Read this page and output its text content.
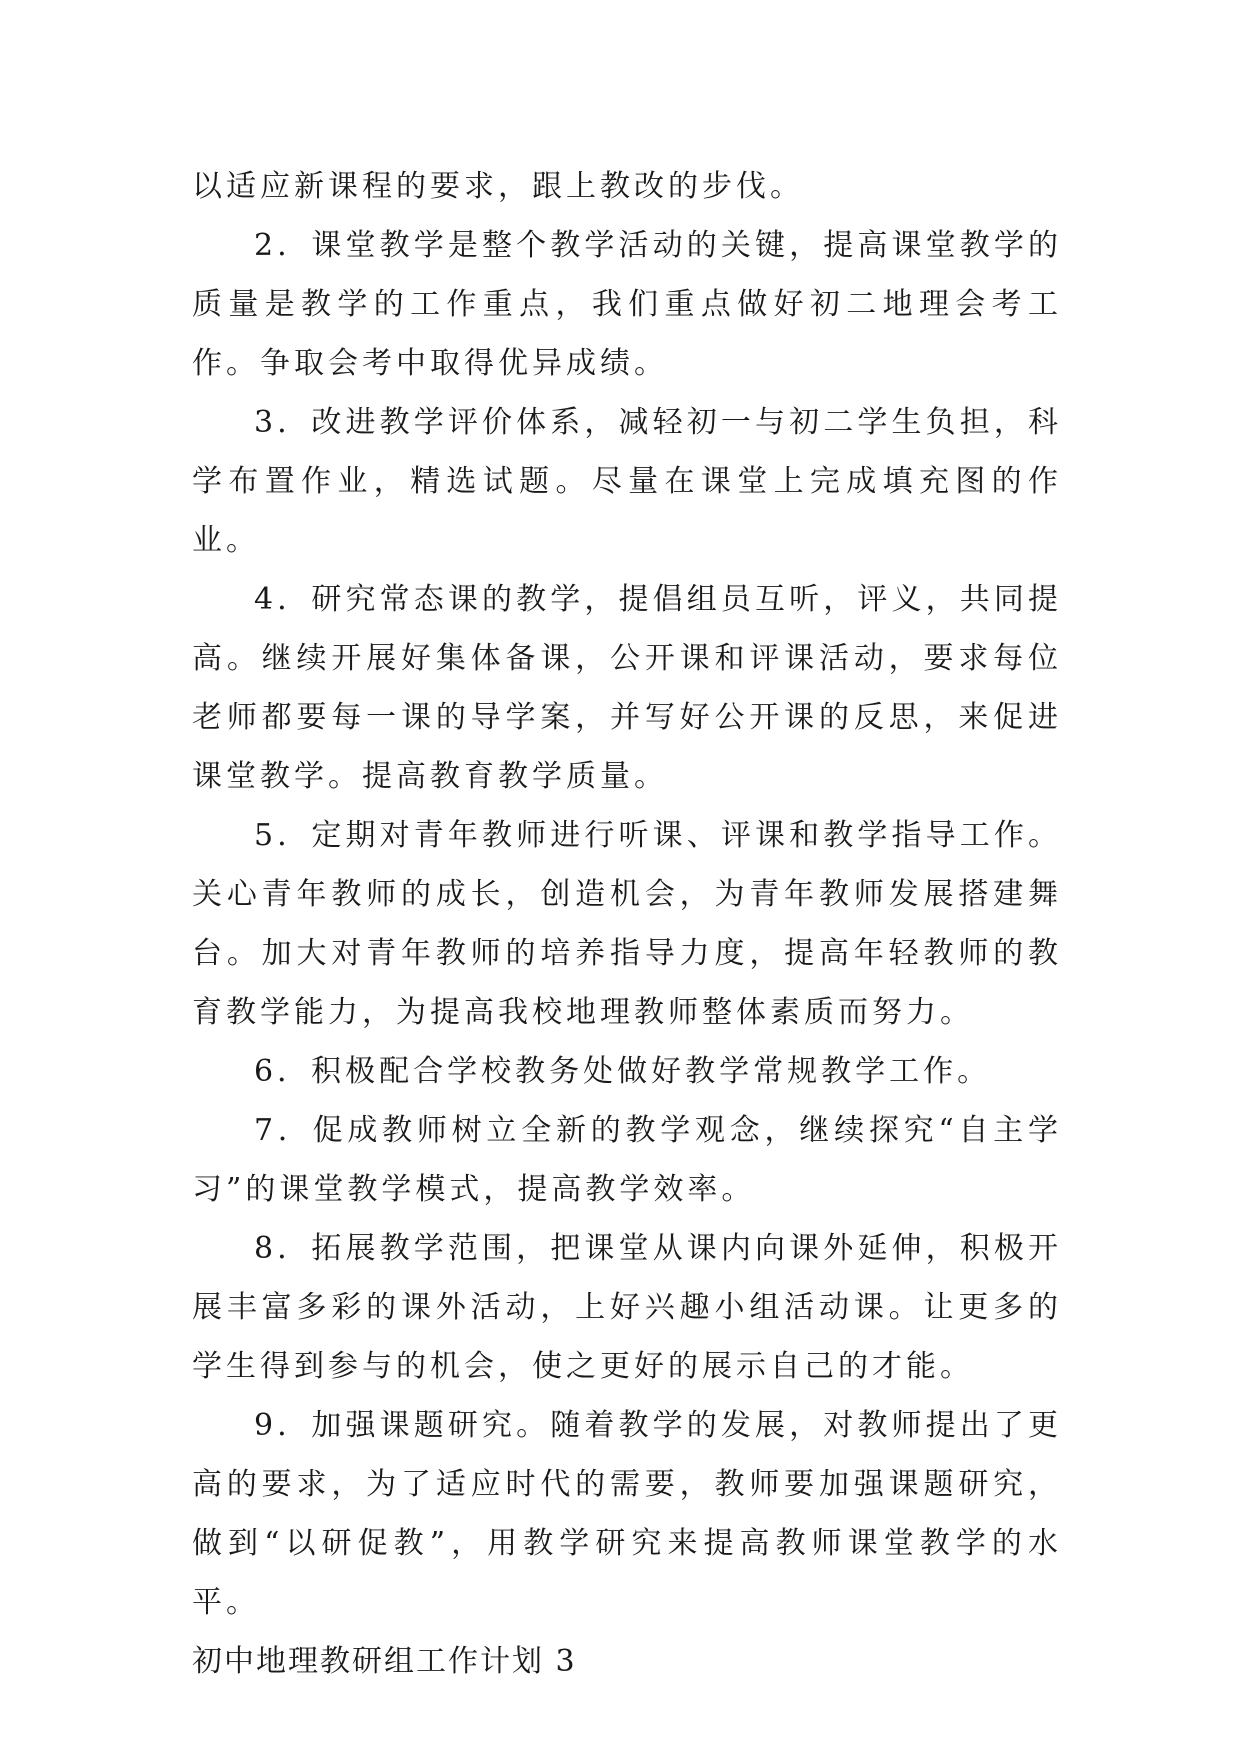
以适应新课程的要求，跟上教改的步伐。

2．课堂教学是整个教学活动的关键，提高课堂教学的质量是教学的工作重点，我们重点做好初二地理会考工作。争取会考中取得优异成绩。

3．改进教学评价体系，减轻初一与初二学生负担，科学布置作业，精选试题。尽量在课堂上完成填充图的作业。

4．研究常态课的教学，提倡组员互听，评义，共同提高。继续开展好集体备课，公开课和评课活动，要求每位老师都要每一课的导学案，并写好公开课的反思，来促进课堂教学。提高教育教学质量。

5．定期对青年教师进行听课、评课和教学指导工作。关心青年教师的成长，创造机会，为青年教师发展搭建舞台。加大对青年教师的培养指导力度，提高年轻教师的教育教学能力，为提高我校地理教师整体素质而努力。

6．积极配合学校教务处做好教学常规教学工作。

7．促成教师树立全新的教学观念，继续探究“自主学习”的课堂教学模式，提高教学效率。

8．拓展教学范围，把课堂从课内向课外延伸，积极开展丰富多彩的课外活动，上好兴趣小组活动课。让更多的学生得到参与的机会，使之更好的展示自己的才能。

9．加强课题研究。随着教学的发展，对教师提出了更高的要求，为了适应时代的需要，教师要加强课题研究，做到“以研促教”，用教学研究来提高教师课堂教学的水平。

初中地理教研组工作计划 3
